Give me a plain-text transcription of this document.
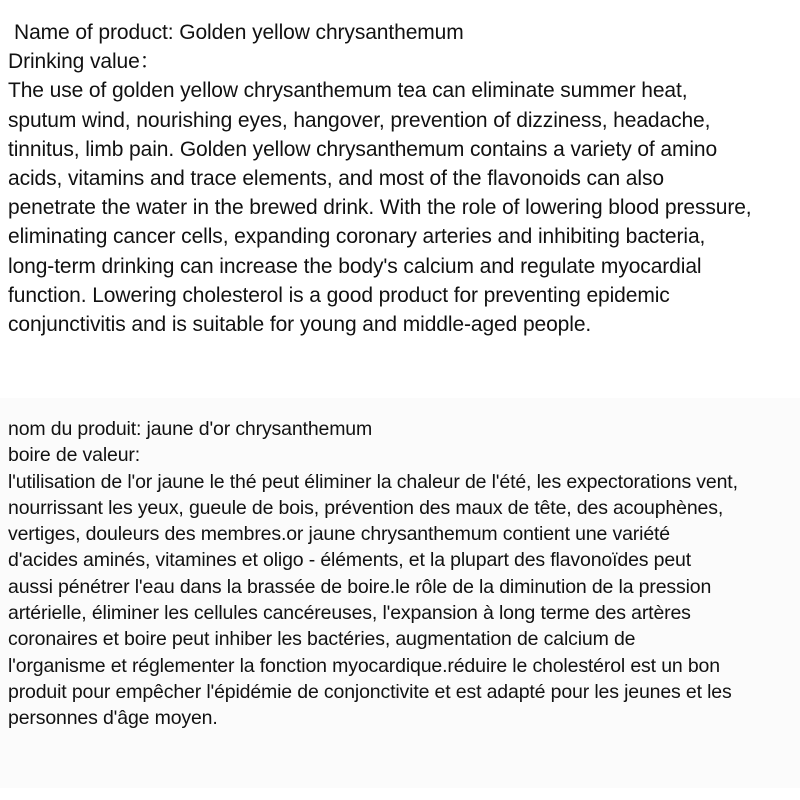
Name of product: Golden yellow chrysanthemum
Drinking value：
The use of golden yellow chrysanthemum tea can eliminate summer heat,
sputum wind, nourishing eyes, hangover, prevention of dizziness, headache,
tinnitus, limb pain. Golden yellow chrysanthemum contains a variety of amino
acids, vitamins and trace elements, and most of the flavonoids can also
penetrate the water in the brewed drink. With the role of lowering blood pressure,
eliminating cancer cells, expanding coronary arteries and inhibiting bacteria,
long-term drinking can increase the body's calcium and regulate myocardial
function. Lowering cholesterol is a good product for preventing epidemic
conjunctivitis and is suitable for young and middle-aged people.
nom du produit: jaune d'or chrysanthemum
boire de valeur:
l'utilisation de l'or jaune le thé peut éliminer la chaleur de l'été, les expectorations vent,
nourrissant les yeux, gueule de bois, prévention des maux de tête, des acouphènes,
vertiges, douleurs des membres.or jaune chrysanthemum contient une variété
d'acides aminés, vitamines et oligo - éléments, et la plupart des flavonoïdes peut
aussi pénétrer l'eau dans la brassée de boire.le rôle de la diminution de la pression
artérielle, éliminer les cellules cancéreuses, l'expansion à long terme des artères
coronaires et boire peut inhiber les bactéries, augmentation de calcium de
l'organisme et réglementer la fonction myocardique.réduire le cholestérol est un bon
produit pour empêcher l'épidémie de conjonctivite et est adapté pour les jeunes et les
personnes d'âge moyen.
